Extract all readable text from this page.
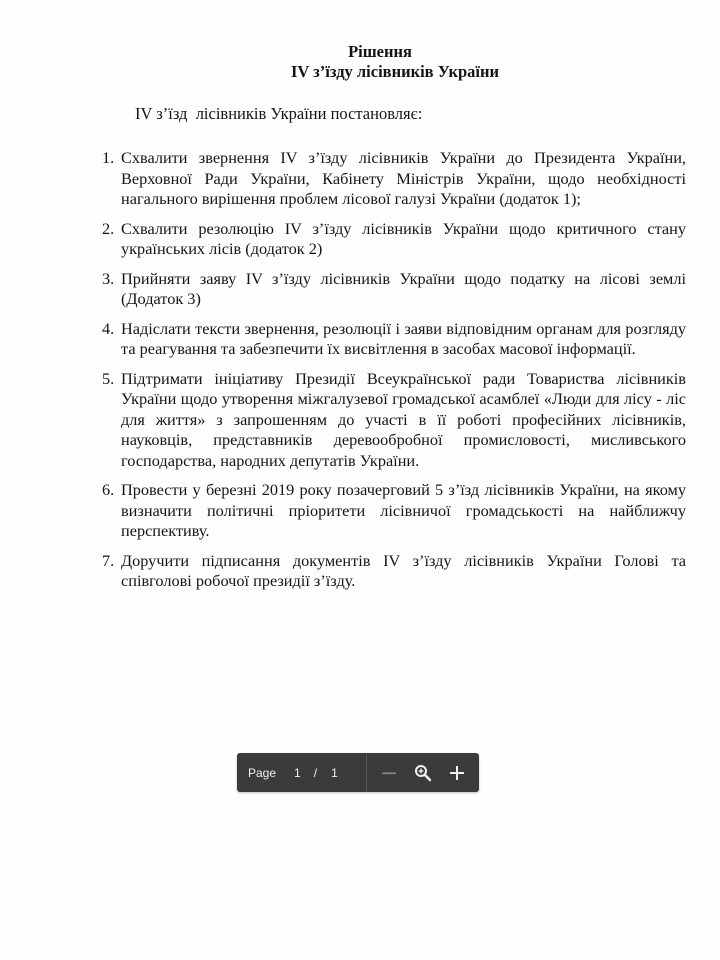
Рішення
IV з’їзду лісівників України
IV з’їзд  лісівників України постановляє:
1. Схвалити звернення IV з’їзду лісівників України до Президента України, Верховної Ради України, Кабінету Міністрів України, щодо необхідності нагального вирішення проблем лісової галузі України (додаток 1);
2. Схвалити резолюцію IV з’їзду лісівників України щодо критичного стану українських лісів (додаток 2)
3. Прийняти заяву IV з’їзду лісівників України щодо податку на лісові землі (Додаток 3)
4. Надіслати тексти звернення, резолюції і заяви відповідним органам для розгляду та реагування та забезпечити їх висвітлення в засобах масової інформації.
5. Підтримати ініціативу Президії Всеукраїнської ради Товариства лісівників України щодо утворення міжгалузевої громадської асамблеї «Люди для лісу - ліс для життя» з запрошенням до участі в її роботі професійних лісівників, науковців, представників деревообробної промисловості, мисливського господарства, народних депутатів України.
6. Провести у березні 2019 року позачерговий 5 з’їзд лісівників України, на якому визначити політичні пріоритети лісівничої громадськості на найближчу перспективу.
7. Доручити підписання документів IV з’їзду лісівників України Голові та співголові робочої президії з’їзду.
Page 1 / 1
